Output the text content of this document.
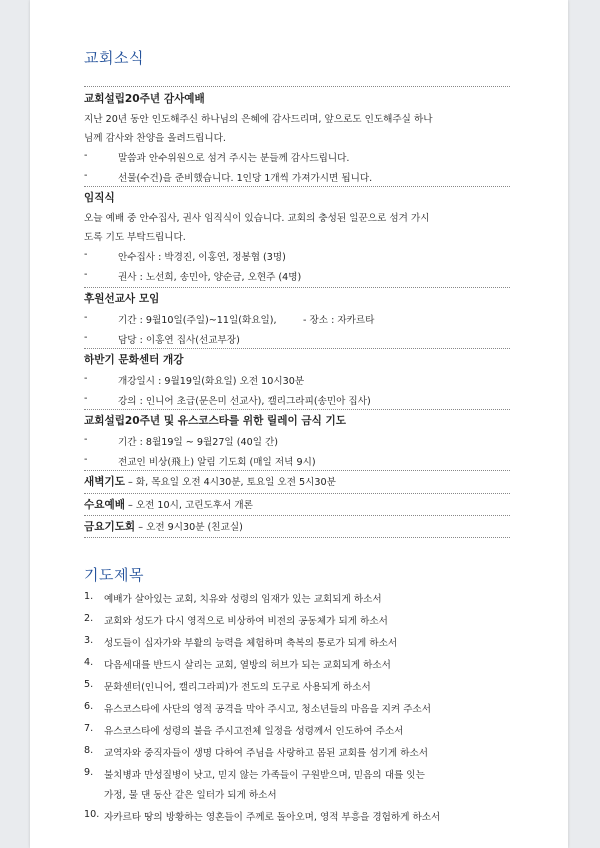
교회소식
교회설립20주년 감사예배
지난 20년 동안 인도해주신 하나님의 은혜에 감사드리며, 앞으로도 인도해주실 하나
님께 감사와 찬양을 올려드립니다.
-	말씀과 안수위원으로 섬겨 주시는 분들께 감사드립니다.
-	선물(수건)을 준비했습니다. 1인당 1개씩 가져가시면 됩니다.
임직식
오늘 예배 중 안수집사, 권사 임직식이 있습니다. 교회의 충성된 일꾼으로 섬겨 가시
도록 기도 부탁드립니다.
-	안수집사 : 박경진, 이홍연, 정봉협 (3명)
-	권사 : 노선희, 송민아, 양순금, 오현주 (4명)
후원선교사 모임
-	기간 : 9월10일(주일)~11일(화요일),	- 장소 : 자카르타
-	담당 : 이홍연 집사(선교부장)
하반기 문화센터 개강
-	개강일시 : 9월19일(화요일) 오전 10시30분
-	강의 : 인니어 초급(문은미 선교사), 캘리그라피(송민아 집사)
교회설립20주년 및 유스코스타를 위한 릴레이 금식 기도
-	기간 : 8월19일 ~ 9월27일 (40일 간)
-	전교인 비상(飛上) 알림 기도회 (매일 저녁 9시)
새벽기도 – 화, 목요일 오전 4시30분, 토요일 오전 5시30분
수요예배 – 오전 10시, 고린도후서 개론
금요기도회 – 오전 9시30분 (친교실)
기도제목
1. 예배가 살아있는 교회, 치유와 성령의 임재가 있는 교회되게 하소서
2. 교회와 성도가 다시 영적으로 비상하여 비전의 공동체가 되게 하소서
3. 성도들이 십자가와 부활의 능력을 체험하며 축복의 통로가 되게 하소서
4. 다음세대를 반드시 살리는 교회, 열방의 허브가 되는 교회되게 하소서
5. 문화센터(인니어, 캘리그라피)가 전도의 도구로 사용되게 하소서
6. 유스코스타에 사단의 영적 공격을 막아 주시고, 청소년들의 마음을 지켜 주소서
7. 유스코스타에 성령의 불을 주시고전체 일정을 성령께서 인도하여 주소서
8. 교역자와 중직자들이 생명 다하여 주님을 사랑하고 몸된 교회를 섬기게 하소서
9. 불치병과 만성질병이 낫고, 믿지 않는 가족들이 구원받으며, 믿음의 대를 잇는
가정, 물 댄 동산 같은 일터가 되게 하소서
10. 자카르타 땅의 방황하는 영혼들이 주께로 돌아오며, 영적 부흥을 경험하게 하소서
